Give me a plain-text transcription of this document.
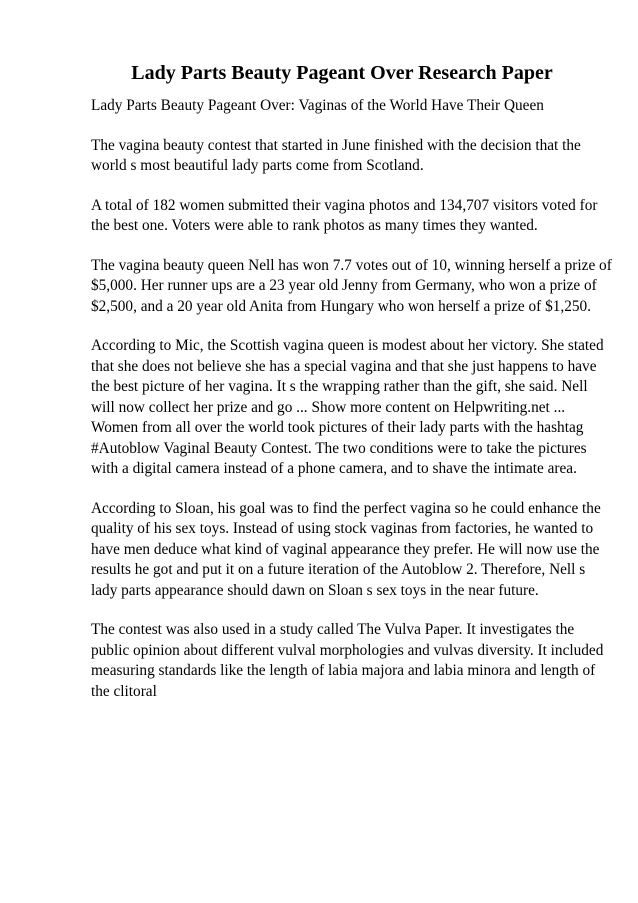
Lady Parts Beauty Pageant Over Research Paper

Lady Parts Beauty Pageant Over: Vaginas of the World Have Their Queen

The vagina beauty contest that started in June finished with the decision that the
world s most beautiful lady parts come from Scotland.

A total of 182 women submitted their vagina photos and 134,707 visitors voted for
the best one. Voters were able to rank photos as many times they wanted.

The vagina beauty queen Nell has won 7.7 votes out of 10, winning herself a prize of
$5,000. Her runner ups are a 23 year old Jenny from Germany, who won a prize of
$2,500, and a 20 year old Anita from Hungary who won herself a prize of $1,250.

According to Mic, the Scottish vagina queen is modest about her victory. She stated
that she does not believe she has a special vagina and that she just happens to have
the best picture of her vagina. It s the wrapping rather than the gift, she said. Nell
will now collect her prize and go ... Show more content on Helpwriting.net ...
Women from all over the world took pictures of their lady parts with the hashtag
#Autoblow Vaginal Beauty Contest. The two conditions were to take the pictures
with a digital camera instead of a phone camera, and to shave the intimate area.

According to Sloan, his goal was to find the perfect vagina so he could enhance the
quality of his sex toys. Instead of using stock vaginas from factories, he wanted to
have men deduce what kind of vaginal appearance they prefer. He will now use the
results he got and put it on a future iteration of the Autoblow 2. Therefore, Nell s
lady parts appearance should dawn on Sloan s sex toys in the near future.

The contest was also used in a study called The Vulva Paper. It investigates the
public opinion about different vulval morphologies and vulvas diversity. It included
measuring standards like the length of labia majora and labia minora and length of
the clitoral
